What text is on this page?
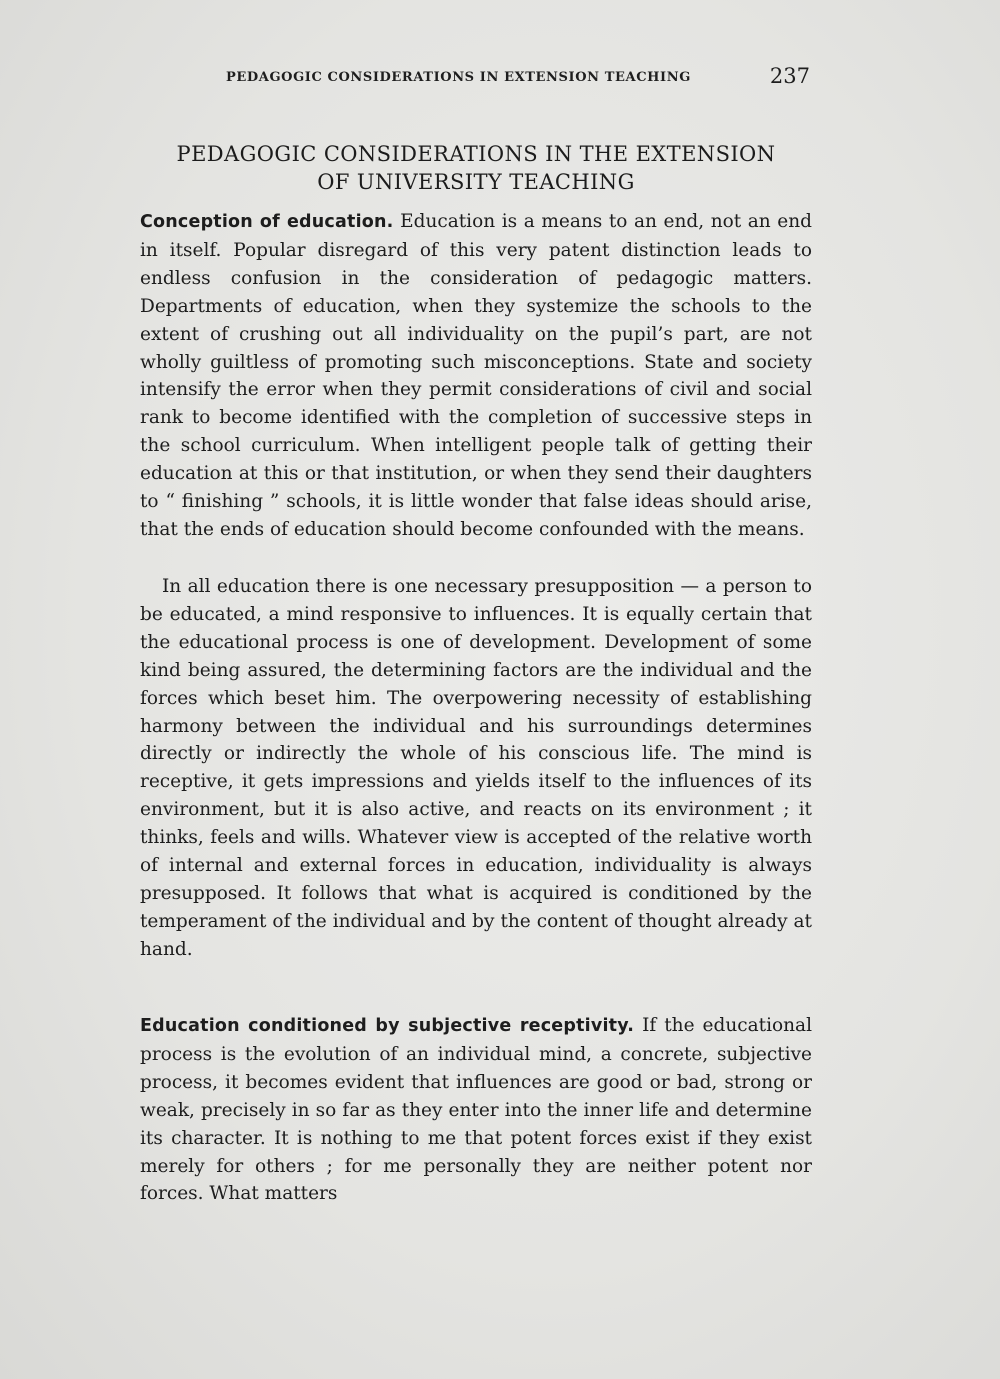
PEDAGOGIC CONSIDERATIONS IN EXTENSION TEACHING	237
PEDAGOGIC CONSIDERATIONS IN THE EXTENSION
OF UNIVERSITY TEACHING

Conception of education. Education is a means to an end, not an end in itself. Popular disregard of this very patent distinction leads to endless confusion in the consideration of pedagogic matters. Departments of education, when they systemize the schools to the extent of crushing out all individuality on the pupil’s part, are not wholly guiltless of promoting such misconceptions. State and society intensify the error when they permit considerations of civil and social rank to become identified with the completion of successive steps in the school curriculum. When intelligent people talk of getting their education at this or that institution, or when they send their daughters to “ finishing ” schools, it is little wonder that false ideas should arise, that the ends of education should become confounded with the means.

In all education there is one necessary presupposition — a person to be educated, a mind responsive to influences. It is equally certain that the educational process is one of development. Development of some kind being assured, the determining factors are the individual and the forces which beset him. The overpowering necessity of establishing harmony between the individual and his surroundings determines directly or indirectly the whole of his conscious life. The mind is receptive, it gets impressions and yields itself to the influences of its environment, but it is also active, and reacts on its environment ; it thinks, feels and wills. Whatever view is accepted of the relative worth of internal and external forces in education, individuality is always presupposed. It follows that what is acquired is conditioned by the temperament of the individual and by the content of thought already at hand.

Education conditioned by subjective receptivity. If the educational process is the evolution of an individual mind, a concrete, subjective process, it becomes evident that influences are good or bad, strong or weak, precisely in so far as they enter into the inner life and determine its character. It is nothing to me that potent forces exist if they exist merely for others ; for me personally they are neither potent nor forces. What matters
